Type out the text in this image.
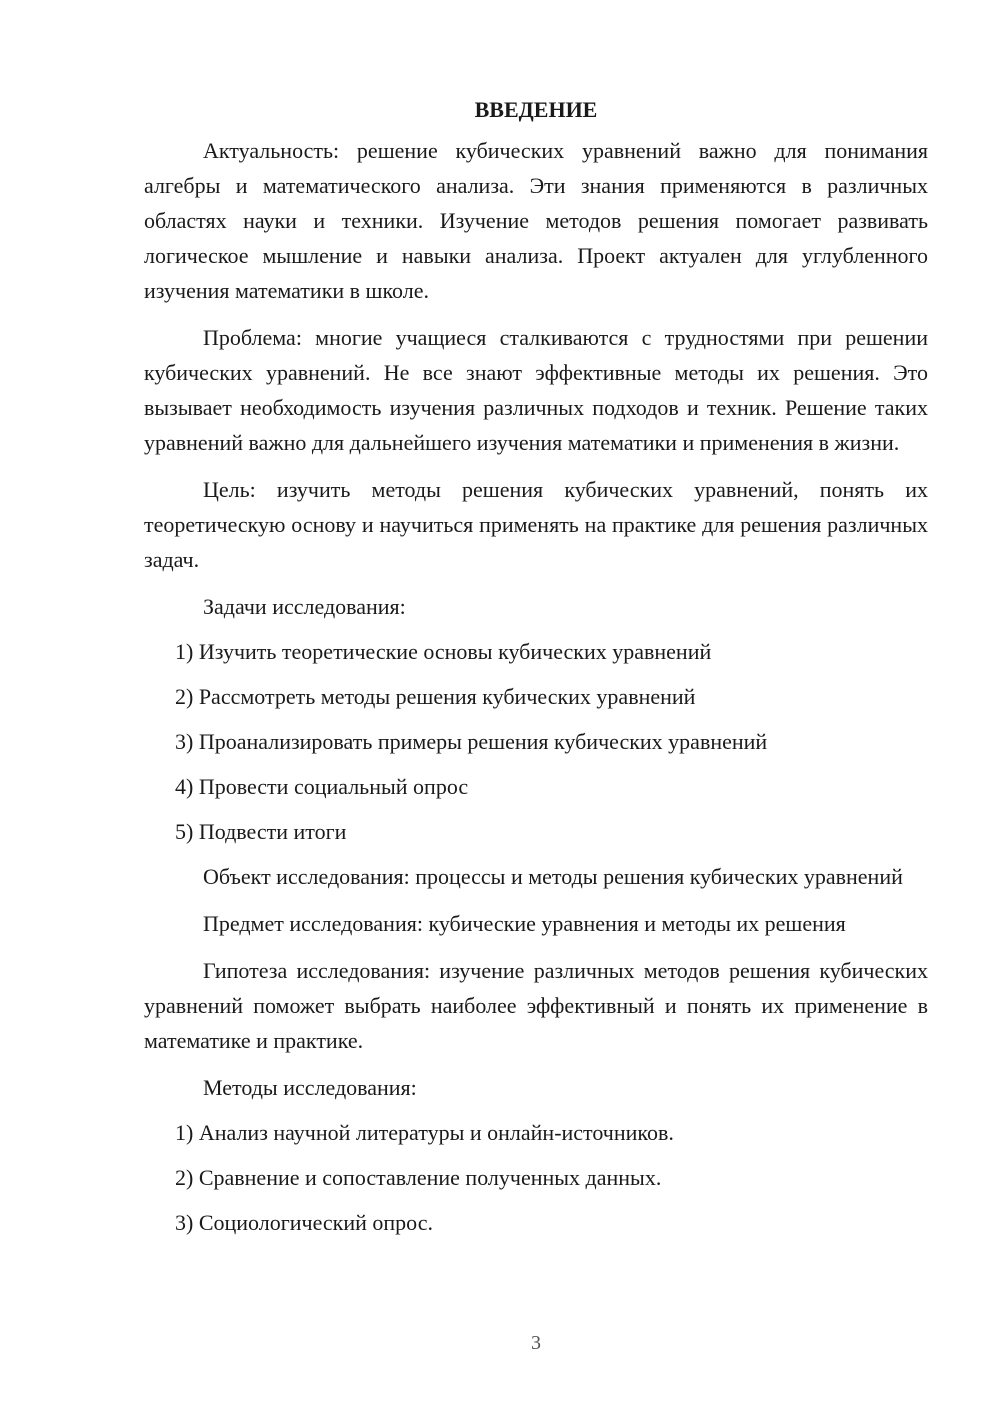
ВВЕДЕНИЕ

Актуальность: решение кубических уравнений важно для понимания алгебры и математического анализа. Эти знания применяются в различных областях науки и техники. Изучение методов решения помогает развивать логическое мышление и навыки анализа. Проект актуален для углубленного изучения математики в школе.

Проблема: многие учащиеся сталкиваются с трудностями при решении кубических уравнений. Не все знают эффективные методы их решения. Это вызывает необходимость изучения различных подходов и техник. Решение таких уравнений важно для дальнейшего изучения математики и применения в жизни.

Цель: изучить методы решения кубических уравнений, понять их теоретическую основу и научиться применять на практике для решения различных задач.

Задачи исследования:
1) Изучить теоретические основы кубических уравнений
2) Рассмотреть методы решения кубических уравнений
3) Проанализировать примеры решения кубических уравнений
4) Провести социальный опрос
5) Подвести итоги

Объект исследования: процессы и методы решения кубических уравнений

Предмет исследования: кубические уравнения и методы их решения

Гипотеза исследования: изучение различных методов решения кубических уравнений поможет выбрать наиболее эффективный и понять их применение в математике и практике.

Методы исследования:
1) Анализ научной литературы и онлайн-источников.
2) Сравнение и сопоставление полученных данных.
3) Социологический опрос.
3
